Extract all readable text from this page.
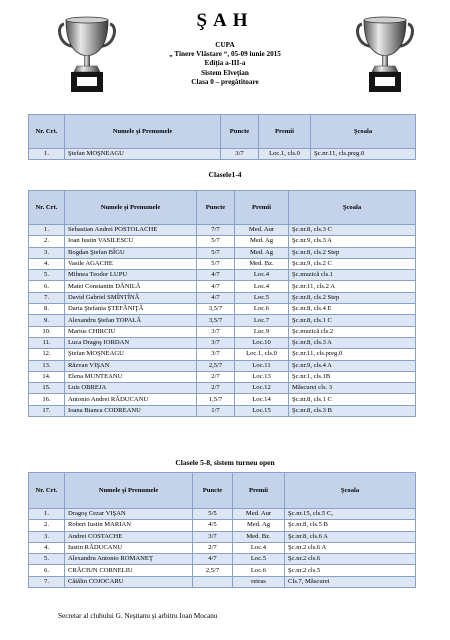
ŞAH
CUPA
„ Tinere Vlăstare “, 05-09 iunie 2015
Ediţia a-III-a
Sistem Elveţian
Clasa 0 – pregătitoare
Nr. Crt.	Numele şi Prenumele	Puncte	Premii	Şcoala
1.	Ştefan MOŞNEAGU	3/7	Loc.1, cls.0	Şc.nr.11, cls.preg.0
Clasele1-4
Nr. Crt.	Numele şi Prenumele	Puncte	Premii	Şcoala
1.	Sebastian Andrei POSTOLACHE	7/7	Med. Aur	Şc.nr.8, cls.3 C
2.	Ioan Iustin VASILESCU	5/7	Med. Ag	Şc.nr.9, cls.3 A
3.	Bogdan Ştefan BÎGU	5/7	Med. Ag	Şc.nr.8, cls.2 Step
4.	Vasile AGACHE	5/7	Med. Bz.	Şc.nr.9, cls.2 C
5.	Mihnea Teodor LUPU	4/7	Loc.4	Şc.muzică cls.1
6.	Matei Constantin DĂNILĂ	4/7	Loc.4	Şc.nr.11, cls.2 A
7.	David Gabriel SMÎNTÎNĂ	4/7	Loc.5	Şc.nr.8, cls.2 Step
8.	Daria Ştefania ŞTEFĂNIŢĂ	3,5/7	Loc.6	Şc.nr.8, cls.4 E
9.	Alexandru Ştefan TOPALĂ	3,5/7	Loc.7	Şc.nr.8, cls.1 C
10.	Marius CHIRCIU	3/7	Loc.9	Şc.muzică cls.2
11.	Luca Dragoş IORDAN	3/7	Loc.10	Şc.nr.8, cls.3 A
12.	Ştefan MOŞNEAGU	3/7	Loc.1, cls.0	Şc.nr.11, cls.preg.0
13.	Răzvan VIŞAN	2,5/7	Loc.11	Şc.nr.9, cls.4 A
14.	Elena MUNTEANU	2/7	Loc.13	Şc.nr.1, cls.1B
15.	Luis OBREJA	2/7	Loc.12	Măscurei cls. 3
16.	Antonio Andrei RĂDUCANU	1,5/7	Loc.14	Şc.nr.8, cls.1 C
17.	Ioana Bianca CODREANU	1/7	Loc.15	Şc.nr.8, cls.3 B
Clasele 5-8, sistem turneu open
Nr. Crt.	Numele şi Prenumele	Puncte	Premii	Şcoala
1.	Dragoş Cezar VIŞAN	5/5	Med. Aur	Şc.nr.15, cls.5 C,
2.	Robert Iustin MARIAN	4/5	Med. Ag	Şc.nr.8, cls.5 B
3.	Andrei COSTACHE	3/7	Med. Bz.	Şc.nr.8, cls.6 A
4.	Iustin RĂDUCANU	2/7	Loc.4	Şc.nr.2 cls.6 A
5.	Alexandru Antonio ROMANEŢ	4/7	Loc.5	Şc.nr.2 cls.6
6.	CRĂCIUN CORNELIU	2,5/7	Loc.6	Şc.nr.2 cls.5
7.	Cătălin COJOCARU		retras	Cls.7, Măscurei
Secretar al clubului G. Neştianu şi arbitru Ioan Mocanu
